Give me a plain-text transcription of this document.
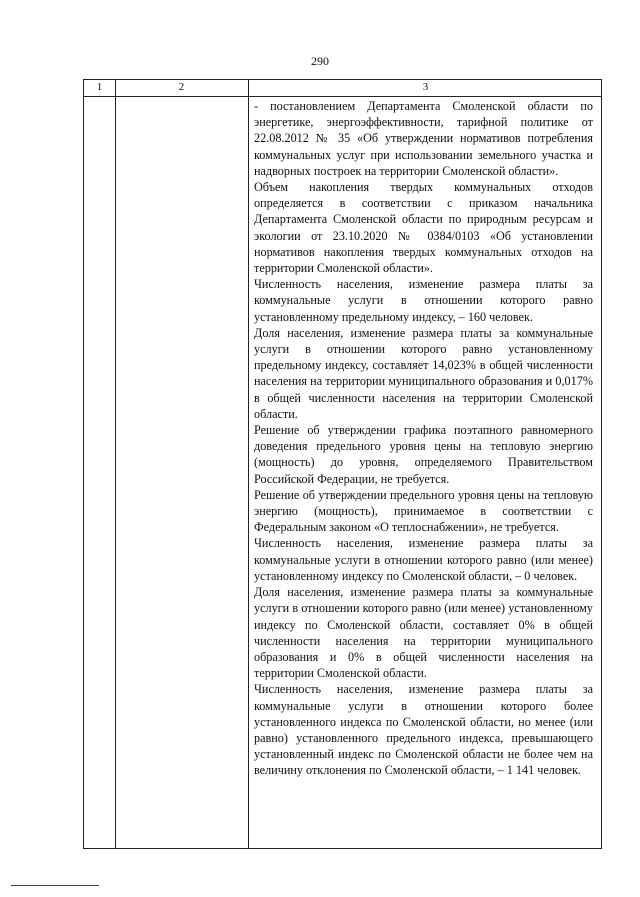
290
1	2	3

- постановлением Департамента Смоленской области по энергетике, энергоэффективности, тарифной политике от 22.08.2012 № 35 «Об утверждении нормативов потребления коммунальных услуг при использовании земельного участка и надворных построек на территории Смоленской области».

Объем накопления твердых коммунальных отходов определяется в соответствии с приказом начальника Департамента Смоленской области по природным ресурсам и экологии от 23.10.2020 № 0384/0103 «Об установлении нормативов накопления твердых коммунальных отходов на территории Смоленской области».

Численность населения, изменение размера платы за коммунальные услуги в отношении которого равно установленному предельному индексу, – 160 человек.

Доля населения, изменение размера платы за коммунальные услуги в отношении которого равно установленному предельному индексу, составляет 14,023% в общей численности населения на территории муниципального образования и 0,017% в общей численности населения на территории Смоленской области.

Решение об утверждении графика поэтапного равномерного доведения предельного уровня цены на тепловую энергию (мощность) до уровня, определяемого Правительством Российской Федерации, не требуется.

Решение об утверждении предельного уровня цены на тепловую энергию (мощность), принимаемое в соответствии с Федеральным законом «О теплоснабжении», не требуется.

Численность населения, изменение размера платы за коммунальные услуги в отношении которого равно (или менее) установленному индексу по Смоленской области, – 0 человек.

Доля населения, изменение размера платы за коммунальные услуги в отношении которого равно (или менее) установленному индексу по Смоленской области, составляет 0% в общей численности населения на территории муниципального образования и 0% в общей численности населения на территории Смоленской области.

Численность населения, изменение размера платы за коммунальные услуги в отношении которого более установленного индекса по Смоленской области, но менее (или равно) установленного предельного индекса, превышающего установленный индекс по Смоленской области не более чем на величину отклонения по Смоленской области, – 1 141 человек.
